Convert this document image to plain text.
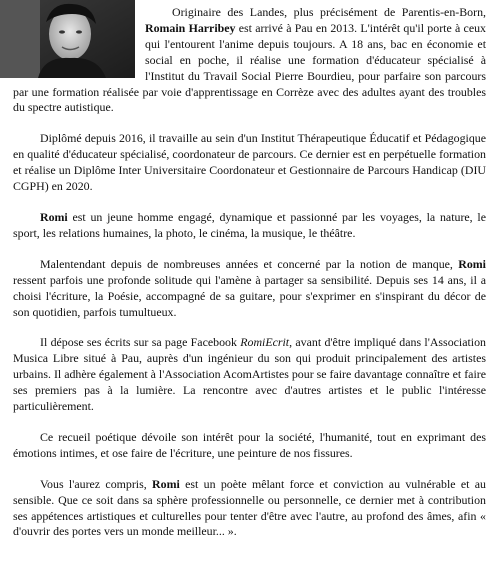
Originaire des Landes, plus précisément de Parentis-en-Born, Romain Harribey est arrivé à Pau en 2013. L'intérêt qu'il porte à ceux qui l'entourent l'anime depuis toujours. A 18 ans, bac en économie et social en poche, il réalise une formation d'éducateur spécialisé à l'Institut du Travail Social Pierre Bourdieu, pour parfaire son parcours par une formation réalisée par voie d'apprentissage en Corrèze avec des adultes ayant des troubles du spectre autistique.

Diplômé depuis 2016, il travaille au sein d'un Institut Thérapeutique Éducatif et Pédagogique en qualité d'éducateur spécialisé, coordonateur de parcours. Ce dernier est en perpétuelle formation et réalise un Diplôme Inter Universitaire Coordonateur et Gestionnaire de Parcours Handicap (DIU CGPH) en 2020.

Romi est un jeune homme engagé, dynamique et passionné par les voyages, la nature, le sport, les relations humaines, la photo, le cinéma, la musique, le théâtre.

Malentendant depuis de nombreuses années et concerné par la notion de manque, Romi ressent parfois une profonde solitude qui l'amène à partager sa sensibilité. Depuis ses 14 ans, il a choisi l'écriture, la Poésie, accompagné de sa guitare, pour s'exprimer en s'inspirant du décor de son quotidien, parfois tumultueux.

Il dépose ses écrits sur sa page Facebook RomiEcrit, avant d'être impliqué dans l'Association Musica Libre situé à Pau, auprès d'un ingénieur du son qui produit principalement des artistes urbains. Il adhère également à l'Association AcomArtistes pour se faire davantage connaître et faire ses premiers pas à la lumière. La rencontre avec d'autres artistes et le public l'intéresse particulièrement.

Ce recueil poétique dévoile son intérêt pour la société, l'humanité, tout en exprimant des émotions intimes, et ose faire de l'écriture, une peinture de nos fissures.

Vous l'aurez compris, Romi est un poète mêlant force et conviction au vulnérable et au sensible. Que ce soit dans sa sphère professionnelle ou personnelle, ce dernier met à contribution ses appétences artistiques et culturelles pour tenter d'être avec l'autre, au profond des âmes, afin « d'ouvrir des portes vers un monde meilleur... ».
